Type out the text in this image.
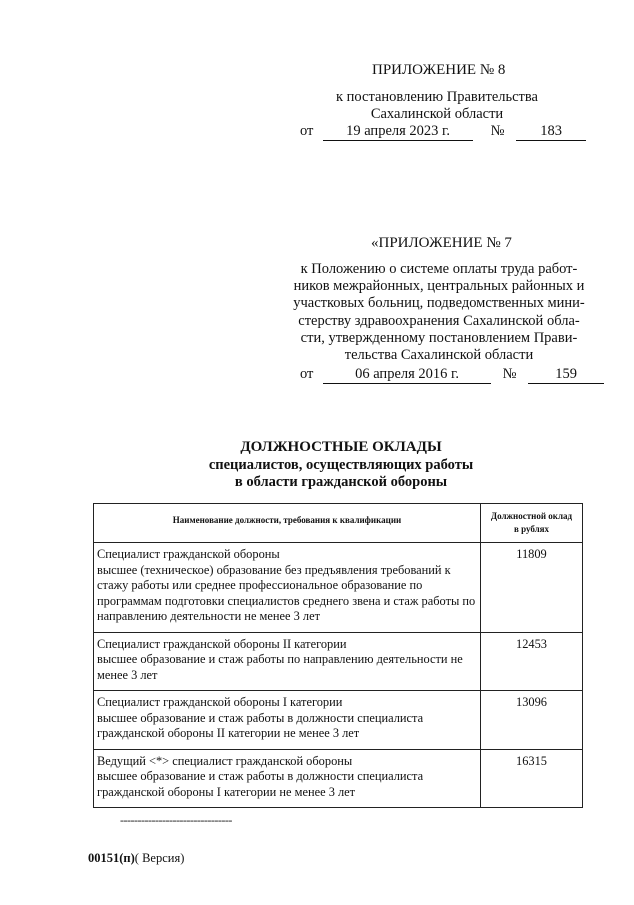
ПРИЛОЖЕНИЕ № 8
к постановлению Правительства
Сахалинской области
от 19 апреля 2023 г.	№ 183
«ПРИЛОЖЕНИЕ № 7
к Положению о системе оплаты труда работ-
ников межрайонных, центральных районных и
участковых больниц, подведомственных мини-
стерству здравоохранения Сахалинской обла-
сти, утвержденному постановлением Прави-
тельства Сахалинской области
от	06 апреля 2016 г.	№	159
ДОЛЖНОСТНЫЕ ОКЛАДЫ
специалистов, осуществляющих работы
в области гражданской обороны
Наименование должности, требования к квалификации	Должностной оклад
в рублях

Специалист гражданской обороны
высшее (техническое) образование без предъявления требований к стажу работы или среднее профессиональное образование по программам подготовки специалистов среднего звена и стаж работы по направлению деятельности не менее 3 лет	11809

Специалист гражданской обороны II категории
высшее образование и стаж работы по направлению деятельности не менее 3 лет	12453

Специалист гражданской обороны I категории
высшее образование и стаж работы в должности специалиста гражданской обороны II категории не менее 3 лет	13096

Ведущий <*> специалист гражданской обороны
высшее образование и стаж работы в должности специалиста гражданской обороны I категории не менее 3 лет	16315
--------------------------------
00151(п)( Версия)
